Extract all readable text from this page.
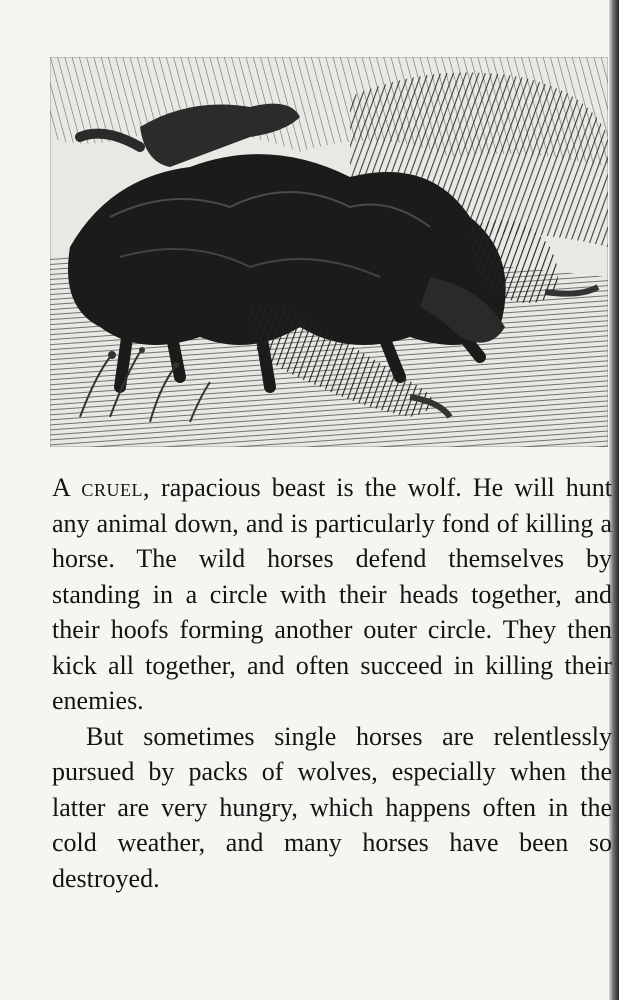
A cruel, rapacious beast is the wolf. He will hunt any animal down, and is particularly fond of killing a horse. The wild horses defend themselves by standing in a circle with their heads together, and their hoofs forming another outer circle. They then kick all together, and often succeed in killing their enemies.

But sometimes single horses are relentlessly pursued by packs of wolves, especially when the latter are very hungry, which happens often in the cold weather, and many horses have been so destroyed.
